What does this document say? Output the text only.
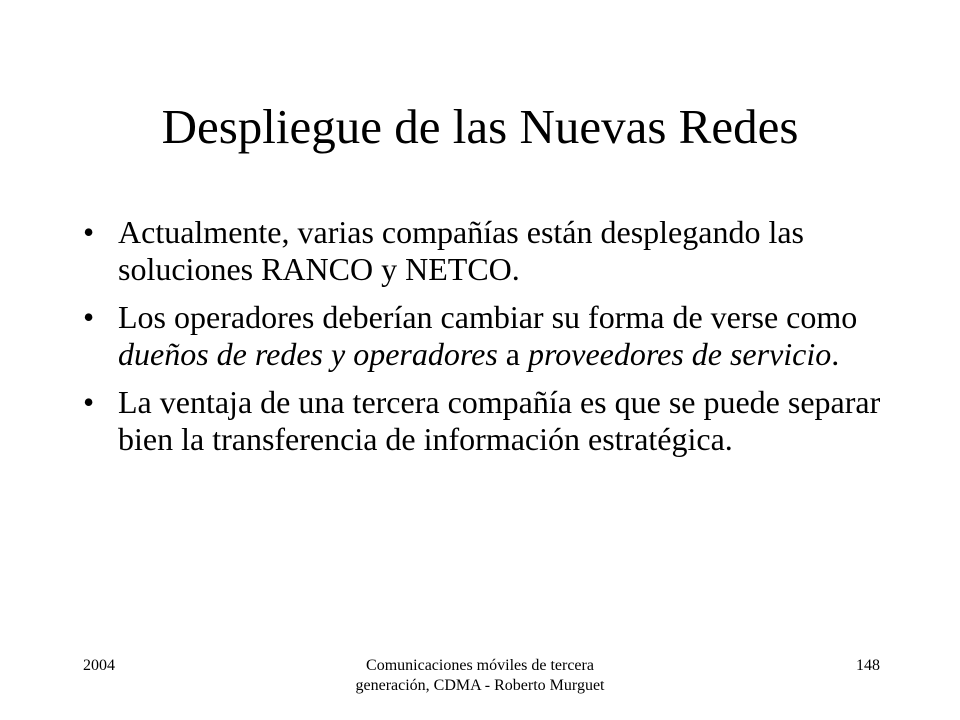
Despliegue de las Nuevas Redes
• Actualmente, varias compañías están desplegando las soluciones RANCO y NETCO.
• Los operadores deberían cambiar su forma de verse como dueños de redes y operadores a proveedores de servicio.
• La ventaja de una tercera compañía es que se puede separar bien la transferencia de información estratégica.
2004	Comunicaciones móviles de tercera generación, CDMA - Roberto Murguet
148
